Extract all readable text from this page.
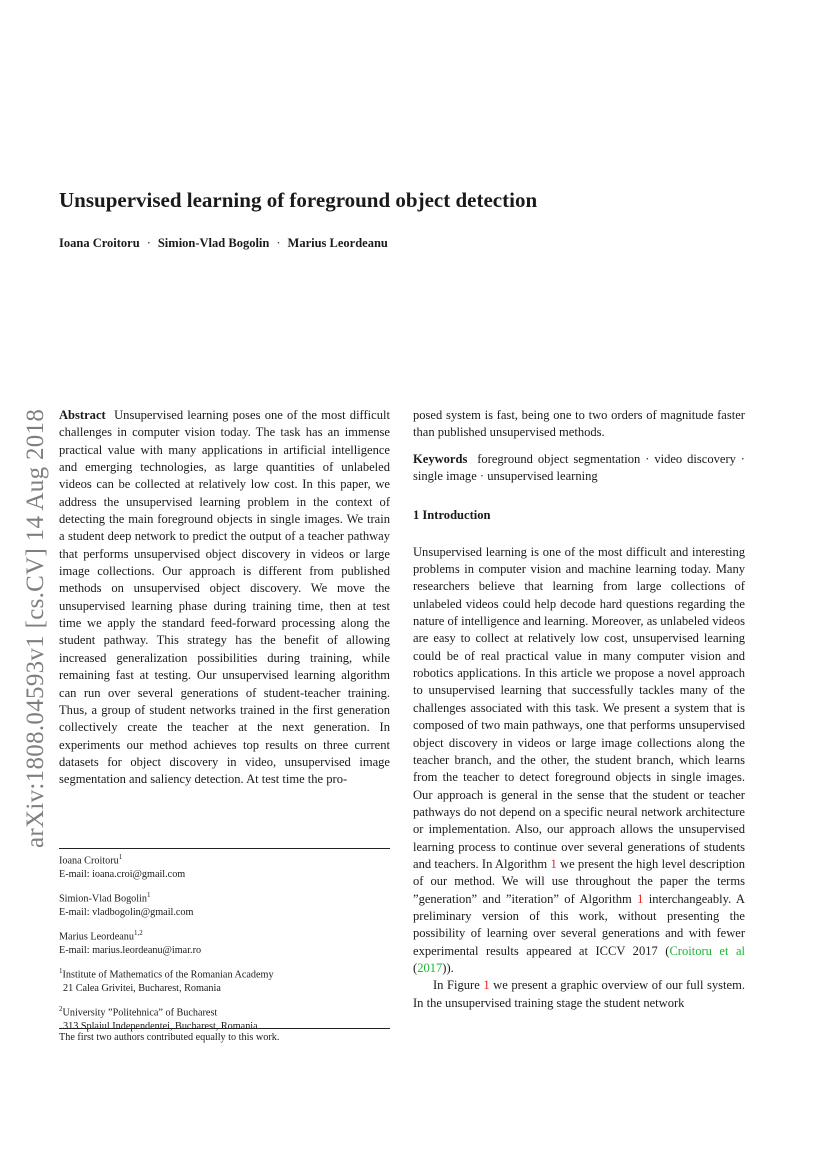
arXiv:1808.04593v1 [cs.CV] 14 Aug 2018
Unsupervised learning of foreground object detection
Ioana Croitoru · Simion-Vlad Bogolin · Marius Leordeanu

Abstract Unsupervised learning poses one of the most difficult challenges in computer vision today. The task has an immense practical value with many applications in artificial intelligence and emerging technologies, as large quantities of unlabeled videos can be collected at relatively low cost. In this paper, we address the unsupervised learning problem in the context of detecting the main foreground objects in single images. We train a student deep network to predict the output of a teacher pathway that performs unsupervised object discovery in videos or large image collections. Our approach is different from published methods on unsupervised object discovery. We move the unsupervised learning phase during training time, then at test time we apply the standard feed-forward processing along the student pathway. This strategy has the benefit of allowing increased generalization possibilities during training, while remaining fast at testing. Our unsupervised learning algorithm can run over several generations of student-teacher training. Thus, a group of student networks trained in the first generation collectively create the teacher at the next generation. In experiments our method achieves top results on three current datasets for object discovery in video, unsupervised image segmentation and saliency detection. At test time the pro-

Ioana Croitoru$^1$
E-mail: ioana.croi@gmail.com
Simion-Vlad Bogolin$^1$
E-mail: vladbogolin@gmail.com
Marius Leordeanu$^{1,2}$
E-mail: marius.leordeanu@imar.ro
$^1$Institute of Mathematics of the Romanian Academy
21 Calea Grivitei, Bucharest, Romania
$^2$University ”Politehnica” of Bucharest
313 Splaiul Independentei, Bucharest, Romania
The first two authors contributed equally to this work.

posed system is fast, being one to two orders of magnitude faster than published unsupervised methods.

Keywords foreground object segmentation · video discovery · single image · unsupervised learning

1 Introduction

Unsupervised learning is one of the most difficult and interesting problems in computer vision and machine learning today. Many researchers believe that learning from large collections of unlabeled videos could help decode hard questions regarding the nature of intelligence and learning. Moreover, as unlabeled videos are easy to collect at relatively low cost, unsupervised learning could be of real practical value in many computer vision and robotics applications. In this article we propose a novel approach to unsupervised learning that successfully tackles many of the challenges associated with this task. We present a system that is composed of two main pathways, one that performs unsupervised object discovery in videos or large image collections along the teacher branch, and the other, the student branch, which learns from the teacher to detect foreground objects in single images. Our approach is general in the sense that the student or teacher pathways do not depend on a specific neural network architecture or implementation. Also, our approach allows the unsupervised learning process to continue over several generations of students and teachers. In Algorithm 1 we present the high level description of our method. We will use throughout the paper the terms ”generation” and ”iteration” of Algorithm 1 interchangeably. A preliminary version of this work, without presenting the possibility of learning over several generations and with fewer experimental results appeared at ICCV 2017 (Croitoru et al (2017)).

In Figure 1 we present a graphic overview of our full system. In the unsupervised training stage the student network
